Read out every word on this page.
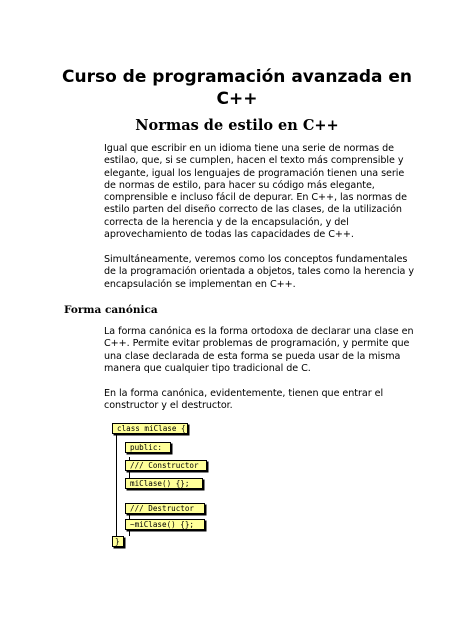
Curso de programación avanzada en
C++
Normas de estilo en C++

Igual que escribir en un idioma tiene una serie de normas de
estilao, que, si se cumplen, hacen el texto más comprensible y
elegante, igual los lenguajes de programación tienen una serie
de normas de estilo, para hacer su código más elegante,
comprensible e incluso fácil de depurar. En C++, las normas de
estilo parten del diseño correcto de las clases, de la utilización
correcta de la herencia y de la encapsulación, y del
aprovechamiento de todas las capacidades de C++.

Simultáneamente, veremos como los conceptos fundamentales
de la programación orientada a objetos, tales como la herencia y
encapsulación se implementan en C++.

Forma canónica

La forma canónica es la forma ortodoxa de declarar una clase en
C++. Permite evitar problemas de programación, y permite que
una clase declarada de esta forma se pueda usar de la misma
manera que cualquier tipo tradicional de C.

En la forma canónica, evidentemente, tienen que entrar el
constructor y el destructor.

class miClase {
public:
/// Constructor
miClase() {};
/// Destructor
~miClase() {};
}
